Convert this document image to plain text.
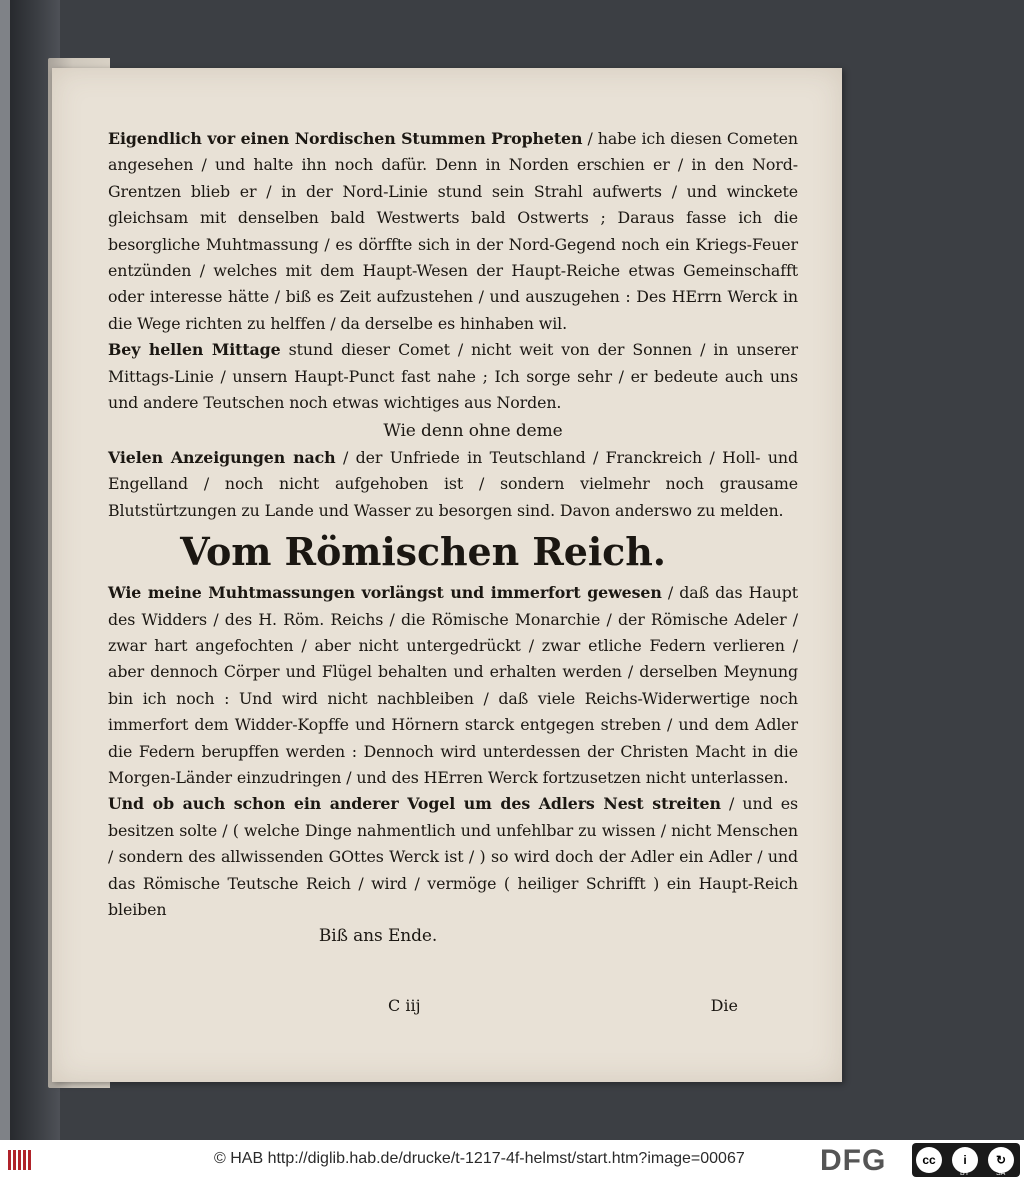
Eigendlich vor einen Nordischen Stummen Propheten / habe ich diesen Cometen angesehen / und halte ihn noch dafür. Denn in Norden erschien er / in den Nord-Grentzen blieb er / in der Nord-Linie stund sein Strahl aufwerts / und winckete gleichsam mit denselben bald Westwerts bald Ostwerts ; Daraus fasse ich die besorgliche Muhtmassung / es dörffte sich in der Nord-Gegend noch ein Kriegs-Feuer entzünden / welches mit dem Haupt-Wesen der Haupt-Reiche etwas Gemeinschafft oder interesse hätte / biß es Zeit aufzustehen / und auszugehen : Des HErrn Werck in die Wege richten zu helffen / da derselbe es hinhaben wil.

Bey hellen Mittage stund dieser Comet / nicht weit von der Sonnen / in unserer Mittags-Linie / unsern Haupt-Punct fast nahe ; Ich sorge sehr / er bedeute auch uns und andere Teutschen noch etwas wichtiges aus Norden.

Wie denn ohne deme

Vielen Anzeigungen nach / der Unfriede in Teutschland / Franckreich / Holl- und Engelland / noch nicht aufgehoben ist / sondern vielmehr noch grausame Blutstürtzungen zu Lande und Wasser zu besorgen sind. Davon anderswo zu melden.

Vom Römischen Reich.

Wie meine Muhtmassungen vorlängst und immerfort gewesen / daß das Haupt des Widders / des H. Röm. Reichs / die Römische Monarchie / der Römische Adeler / zwar hart angefochten / aber nicht untergedrückt / zwar etliche Federn verlieren / aber dennoch Cörper und Flügel behalten und erhalten werden / derselben Meynung bin ich noch : Und wird nicht nachbleiben / daß viele Reichs-Widerwertige noch immerfort dem Widder-Kopffe und Hörnern starck entgegen streben / und dem Adler die Federn berupffen werden : Dennoch wird unterdessen der Christen Macht in die Morgen-Länder einzudringen / und des HErren Werck fortzusetzen nicht unterlassen.

Und ob auch schon ein anderer Vogel um des Adlers Nest streiten / und es besitzen solte / ( welche Dinge nahmentlich und unfehlbar zu wissen / nicht Menschen / sondern des allwissenden GOttes Werck ist / ) so wird doch der Adler ein Adler / und das Römische Teutsche Reich / wird / vermöge ( heiliger Schrifft ) ein Haupt-Reich bleiben

Biß ans Ende.

C iij	Die
© HAB http://diglib.hab.de/drucke/t-1217-4f-helmst/start.htm?image=00067	DFG	cc	i	↻
BY	SA
